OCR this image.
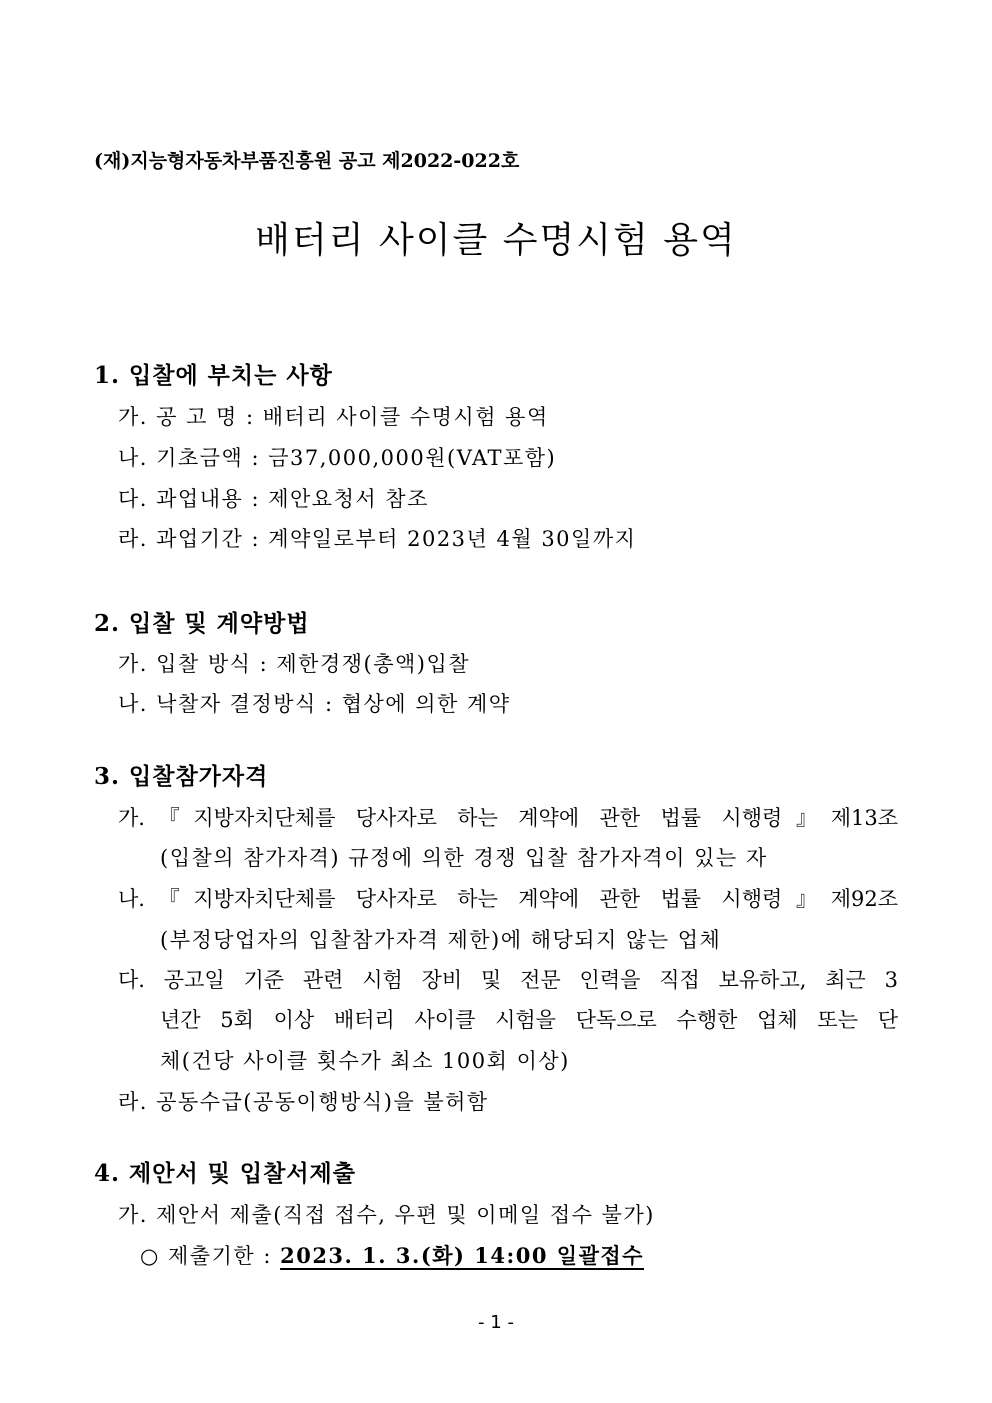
(재)지능형자동차부품진흥원 공고 제2022-022호
배터리 사이클 수명시험 용역
1. 입찰에 부치는 사항
가. 공 고 명 : 배터리 사이클 수명시험 용역
나. 기초금액 : 금37,000,000원(VAT포함)
다. 과업내용 : 제안요청서 참조
라. 과업기간 : 계약일로부터 2023년 4월 30일까지
2. 입찰 및 계약방법
가. 입찰 방식 : 제한경쟁(총액)입찰
나. 낙찰자 결정방식 : 협상에 의한 계약
3. 입찰참가자격
가.『지방자치단체를 당사자로 하는 계약에 관한 법률 시행령』제13조
(입찰의 참가자격) 규정에 의한 경쟁 입찰 참가자격이 있는 자
나.『지방자치단체를 당사자로 하는 계약에 관한 법률 시행령』제92조
(부정당업자의 입찰참가자격 제한)에 해당되지 않는 업체
다. 공고일 기준 관련 시험 장비 및 전문 인력을 직접 보유하고, 최근 3
년간 5회 이상 배터리 사이클 시험을 단독으로 수행한 업체 또는 단
체(건당 사이클 횟수가 최소 100회 이상)
라. 공동수급(공동이행방식)을 불허함
4. 제안서 및 입찰서제출
가. 제안서 제출(직접 접수, 우편 및 이메일 접수 불가)
○ 제출기한 : 2023. 1. 3.(화) 14:00 일괄접수
- 1 -
